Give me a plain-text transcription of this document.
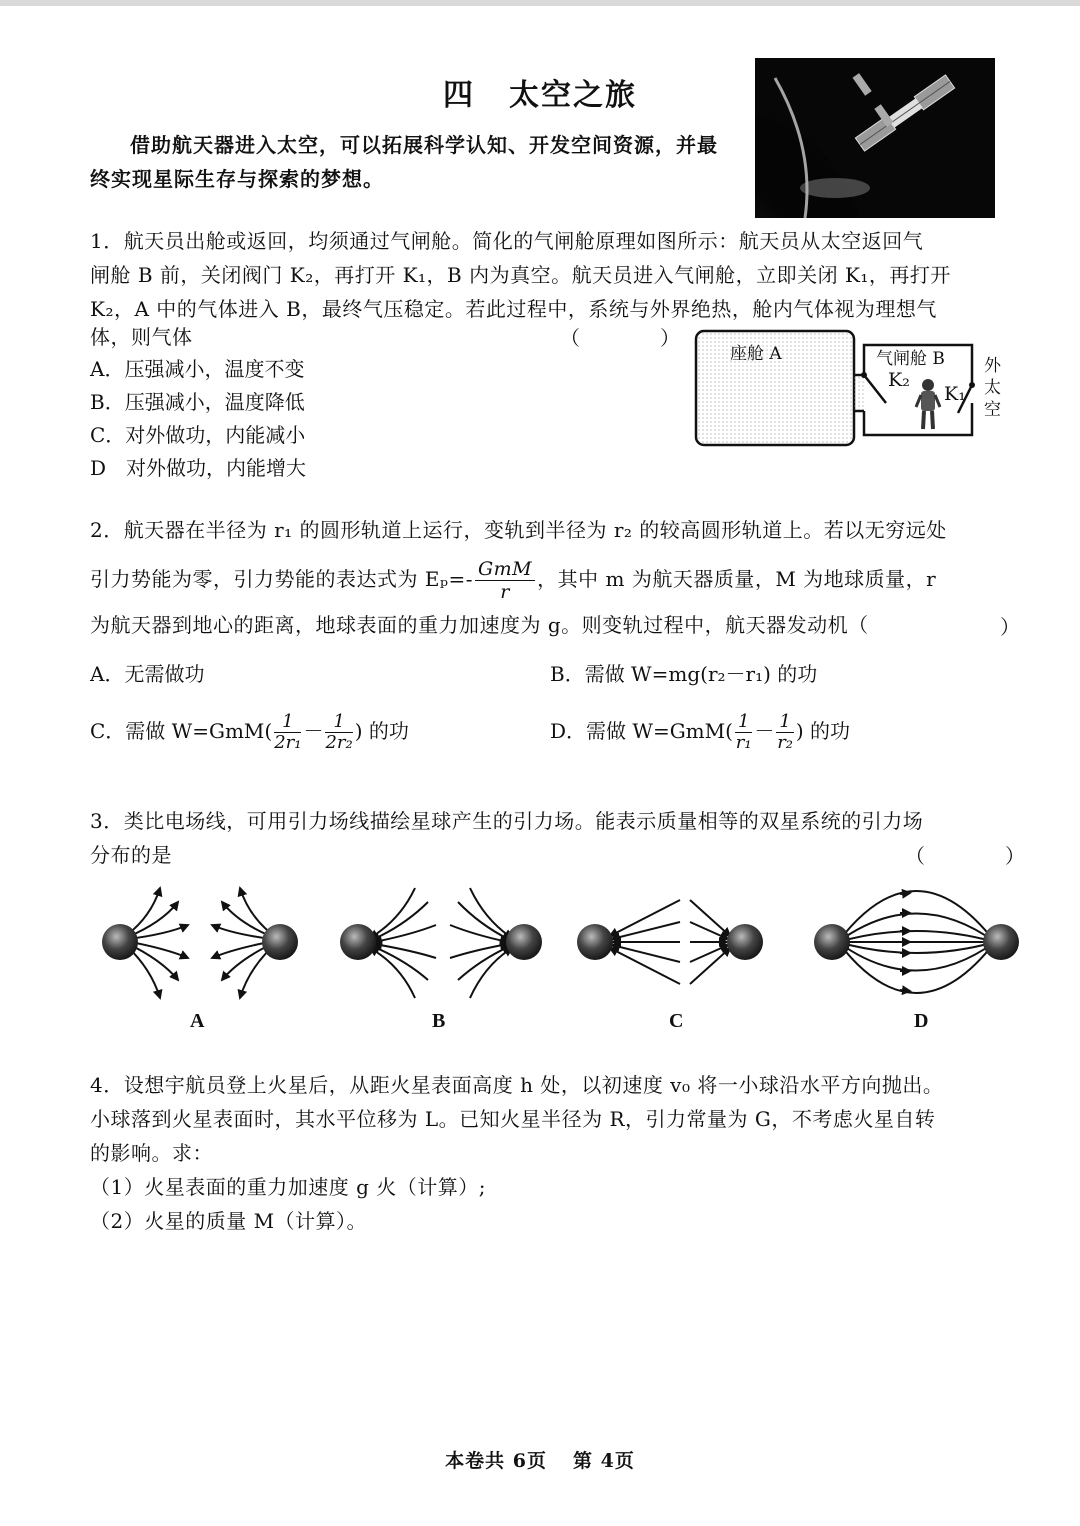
四 太空之旅
借助航天器进入太空，可以拓展科学认知、开发空间资源，并最终实现星际生存与探索的梦想。
1．航天员出舱或返回，均须通过气闸舱。简化的气闸舱原理如图所示：航天员从太空返回气
闸舱 B 前，关闭阀门 K₂，再打开 K₁，B 内为真空。航天员进入气闸舱，立即关闭 K₁，再打开
K₂，A 中的气体进入 B，最终气压稳定。若此过程中，系统与外界绝热，舱内气体视为理想气
体，则气体	（　　　　）
A．压强减小，温度不变
B．压强减小，温度降低
C．对外做功，内能减小
D　对外做功，内能增大
座舱 A	气闸舱 B
K₂
K₁
外
太
空
2．航天器在半径为 r₁ 的圆形轨道上运行，变轨到半径为 r₂ 的较高圆形轨道上。若以无穷远处
引力势能为零，引力势能的表达式为 $E_p=- \frac{\text{GmM}}{r}$ ，其中 m 为航天器质量，M 为地球质量，r
为航天器到地心的距离，地球表面的重力加速度为 g。则变轨过程中，航天器发动机（	）
A．无需做功	B．需做 W=mg(r₂－r₁) 的功
C．需做 $W=GmM( \frac{1}{\text{2r₁}} - \frac{1}{\text{2r₂}}$ ) 的功	D．需做 $W=GmM( \frac{1}{\text{r₁}} - \frac{1}{\text{r₂}}$ ) 的功
3．类比电场线，可用引力场线描绘星球产生的引力场。能表示质量相等的双星系统的引力场
分布的是	（　　　　）
A	B	C	D
4．设想宇航员登上火星后，从距火星表面高度 h 处，以初速度 v₀ 将一小球沿水平方向抛出。
小球落到火星表面时，其水平位移为 L。已知火星半径为 R，引力常量为 G，不考虑火星自转
的影响。求：
（1）火星表面的重力加速度 g 火（计算）;
（2）火星的质量 M（计算）。
本卷共 6页 第 4页
